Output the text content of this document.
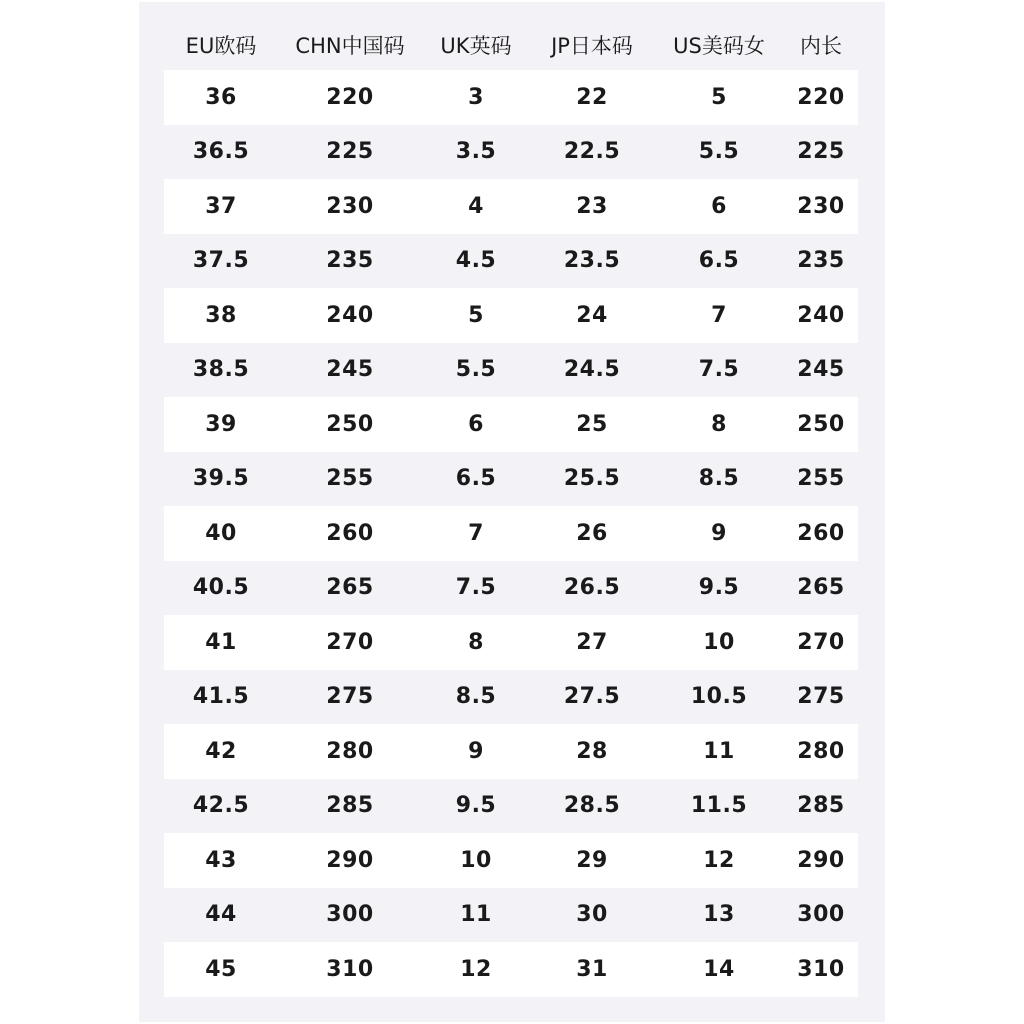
EU欧码 CHN中国码 UK英码 JP日本码 US美码女 内长
36	220	3	22	5	220
36.5	225	3.5	22.5	5.5	225
37	230	4	23	6	230
37.5	235	4.5	23.5	6.5	235
38	240	5	24	7	240
38.5	245	5.5	24.5	7.5	245
39	250	6	25	8	250
39.5	255	6.5	25.5	8.5	255
40	260	7	26	9	260
40.5	265	7.5	26.5	9.5	265
41	270	8	27	10	270
41.5	275	8.5	27.5	10.5 275
42	280	9	28	11	280
42.5	285	9.5	28.5	11.5 285
43	290	10	29	12	290
44	300	11	30	13	300
45	310	12	31	14	310
